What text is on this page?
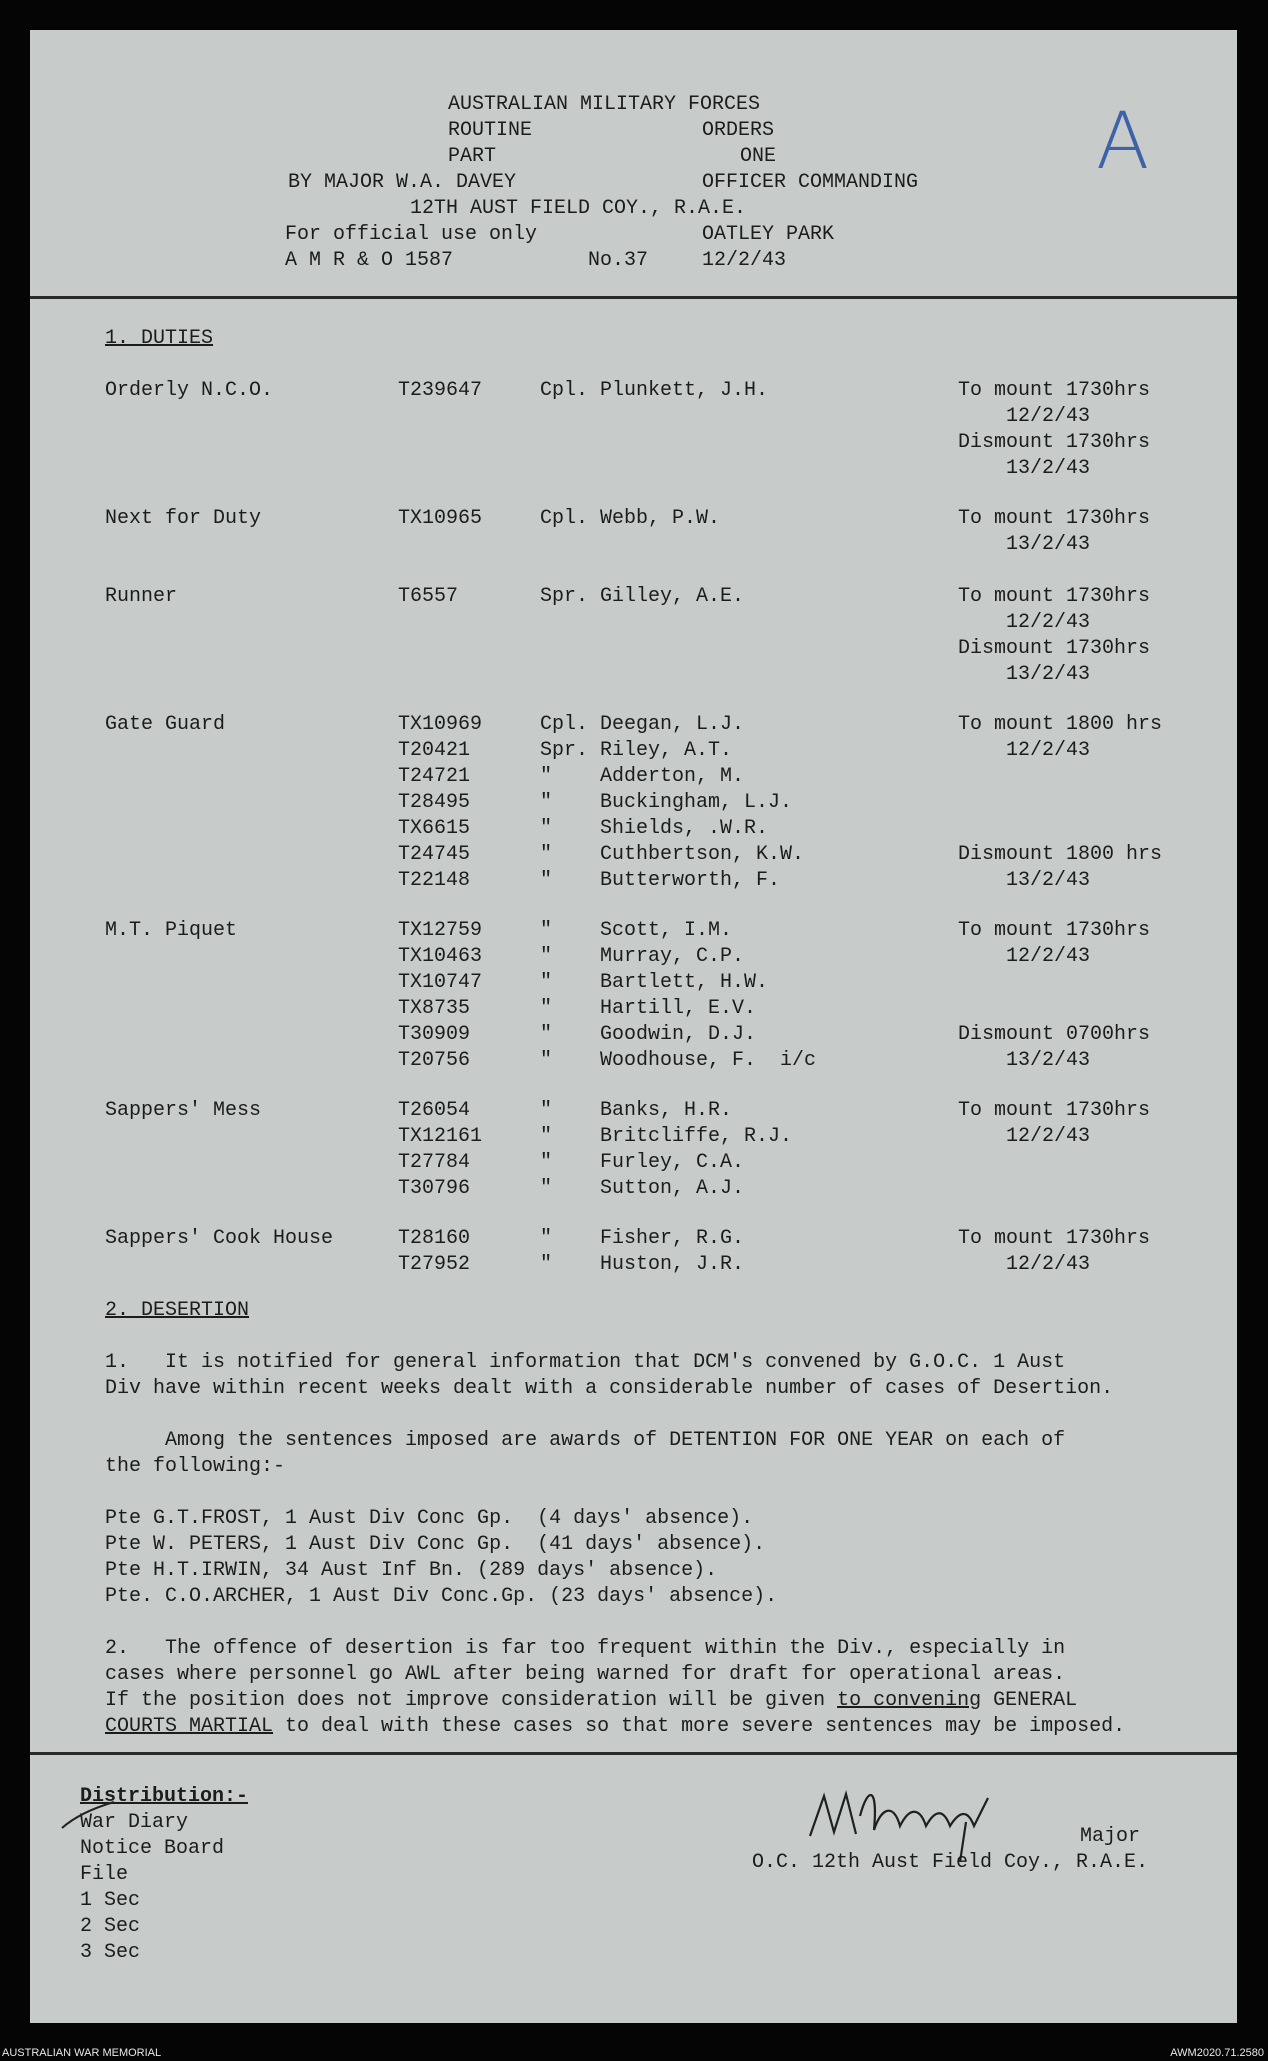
AUSTRALIAN MILITARY FORCES
ROUTINE	ORDERS
PART	ONE
BY MAJOR W.A. DAVEY	OFFICER COMMANDING
12TH AUST FIELD COY., R.A.E.
For official use only	OATLEY PARK
A M R & O 1587	No.37	12/2/43
A
1. DUTIES
2. DESERTION
1.   It is notified for general information that DCM's convened by G.O.C. 1 Aust
Div have within recent weeks dealt with a considerable number of cases of Desertion.
Among the sentences imposed are awards of DETENTION FOR ONE YEAR on each of
the following:-
Pte G.T.FROST, 1 Aust Div Conc Gp.  (4 days' absence).
Pte W. PETERS, 1 Aust Div Conc Gp.  (41 days' absence).
Pte H.T.IRWIN, 34 Aust Inf Bn. (289 days' absence).
Pte. C.O.ARCHER, 1 Aust Div Conc.Gp. (23 days' absence).
2.   The offence of desertion is far too frequent within the Div., especially in
cases where personnel go AWL after being warned for draft for operational areas.
If the position does not improve consideration will be given to convening GENERAL
COURTS MARTIAL to deal with these cases so that more severe sentences may be imposed.
Distribution:-
War Diary
Notice Board
File
1 Sec
2 Sec
3 Sec
Major
O.C. 12th Aust Field Coy., R.A.E.
Orderly N.C.O.	T239647	Cpl. Plunkett, J.H.	To mount 1730hrs
12/2/43
Dismount 1730hrs
13/2/43
Next for Duty	TX10965	Cpl. Webb, P.W.	To mount 1730hrs
13/2/43
Runner	T6557	Spr. Gilley, A.E.	To mount 1730hrs
12/2/43
Dismount 1730hrs
13/2/43
Gate Guard	TX10969	Cpl. Deegan, L.J.	To mount 1800 hrs
T20421	Spr. Riley, A.T.	12/2/43
T24721	" Adderton, M.
T28495	" Buckingham, L.J.
TX6615	" Shields, .W.R.
T24745	" Cuthbertson, K.W.	Dismount 1800 hrs
T22148	" Butterworth, F.	13/2/43
M.T. Piquet	TX12759	" Scott, I.M.	To mount 1730hrs
TX10463	" Murray, C.P.	12/2/43
TX10747	" Bartlett, H.W.
TX8735	" Hartill, E.V.
T30909	" Goodwin, D.J.	Dismount 0700hrs
T20756	" Woodhouse, F.  i/c	13/2/43
Sappers' Mess	T26054	" Banks, H.R.	To mount 1730hrs
TX12161	" Britcliffe, R.J.	12/2/43
T27784	" Furley, C.A.
T30796	" Sutton, A.J.
Sappers' Cook House	T28160	" Fisher, R.G.	To mount 1730hrs
T27952	" Huston, J.R.	12/2/43
AUSTRALIAN WAR MEMORIAL	AWM2020.71.2580
